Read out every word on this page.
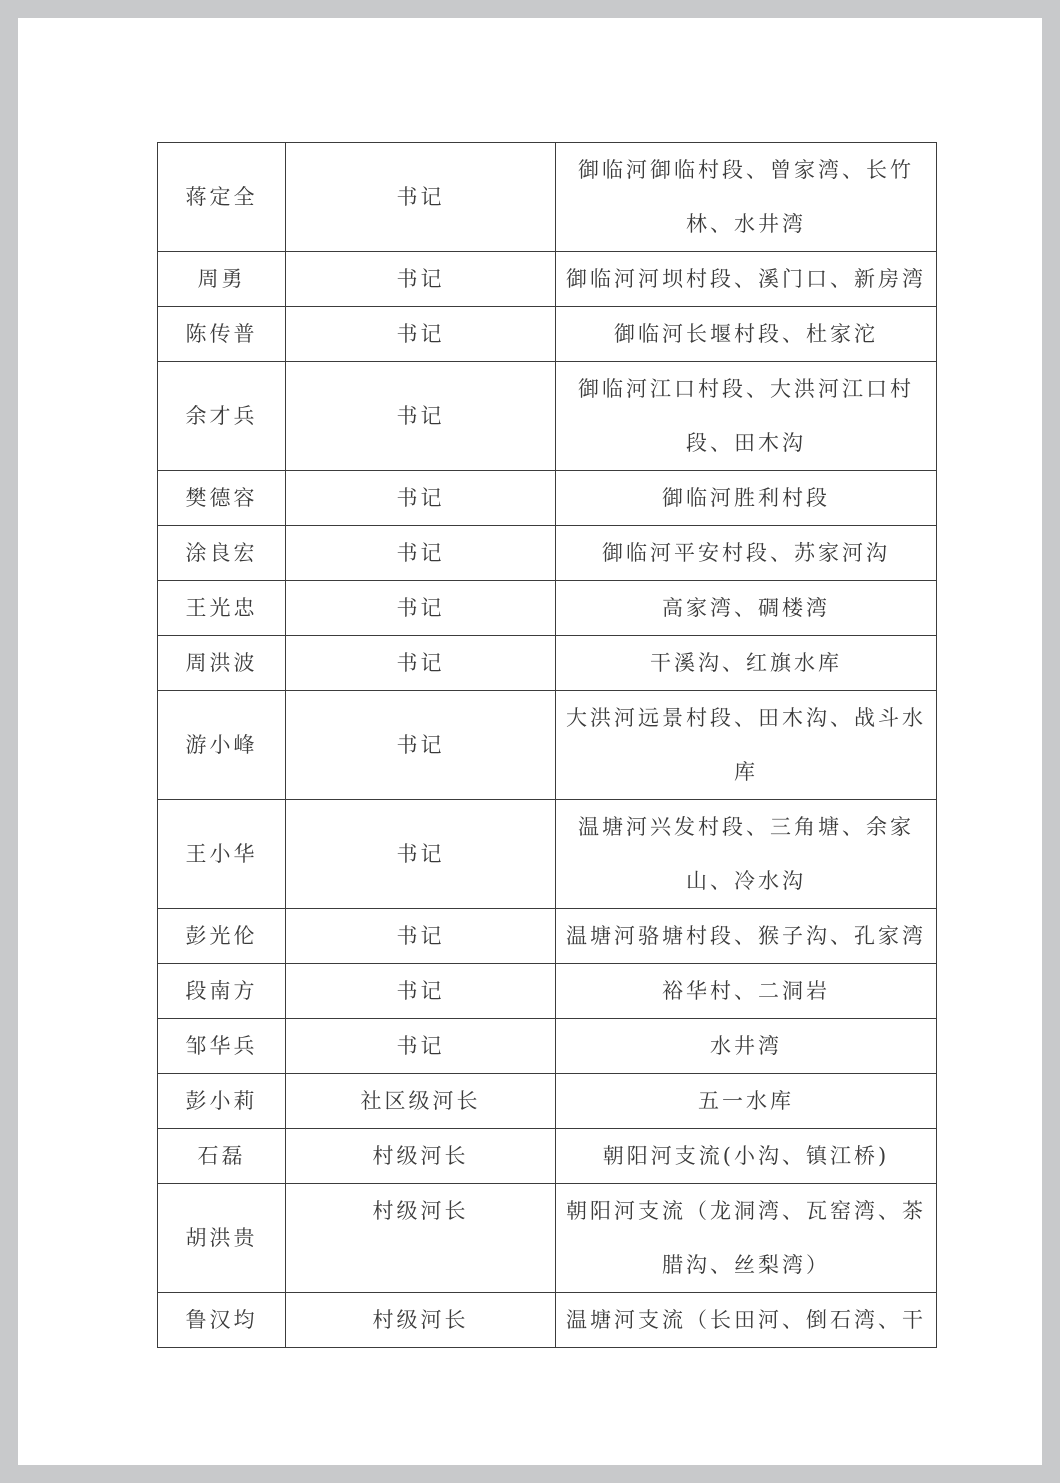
蒋定全	书记	御临河御临村段、曾家湾、长竹林、水井湾
周勇	书记	御临河河坝村段、溪门口、新房湾
陈传普	书记	御临河长堰村段、杜家沱
余才兵	书记	御临河江口村段、大洪河江口村段、田木沟
樊德容	书记	御临河胜利村段
涂良宏	书记	御临河平安村段、苏家河沟
王光忠	书记	高家湾、碉楼湾
周洪波	书记	干溪沟、红旗水库
游小峰	书记	大洪河远景村段、田木沟、战斗水库
王小华	书记	温塘河兴发村段、三角塘、余家山、冷水沟
彭光伦	书记	温塘河骆塘村段、猴子沟、孔家湾
段南方	书记	裕华村、二洞岩
邹华兵	书记	水井湾
彭小莉	社区级河长	五一水库
石磊	村级河长	朝阳河支流(小沟、镇江桥)
胡洪贵	村级河长	朝阳河支流（龙洞湾、瓦窑湾、茶腊沟、丝梨湾）
鲁汉均	村级河长	温塘河支流（长田河、倒石湾、干
